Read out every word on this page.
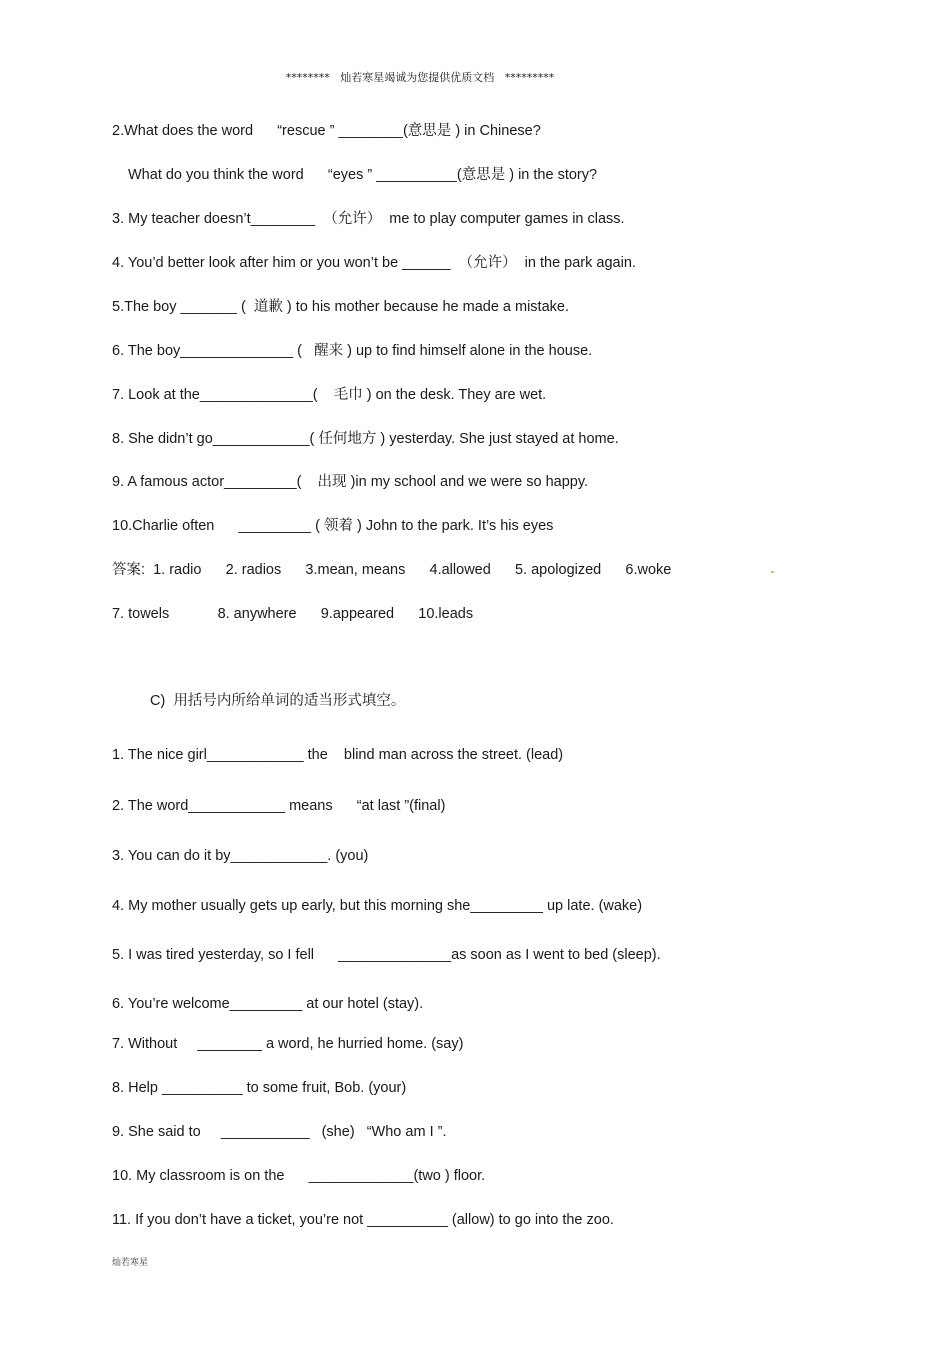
********   灿若寒星竭诚为您提供优质文档   *********
2.What does the word      “rescue ” ________(意思是 ) in Chinese?
What do you think the word      “eyes ” __________(意思是 ) in the story?
3. My teacher doesn’t________  （允许）  me to play computer games in class.
4. You’d better look after him or you won’t be ______  （允许）  in the park again.
5.The boy _______ (  道歉 ) to his mother because he made a mistake.
6. The boy______________ (   醒来 ) up to find himself alone in the house.
7. Look at the______________(    毛巾 ) on the desk. They are wet.
8. She didn’t go____________( 任何地方 ) yesterday. She just stayed at home.
9. A famous actor_________(    出现 )in my school and we were so happy.
10.Charlie often      _________ ( 领着 ) John to the park. It’s his eyes
答案: 1. radio      2. radios      3.mean, means      4.allowed      5. apologized      6.woke
7. towels            8. anywhere      9.appeared      10.leads
C)  用括号内所给单词的适当形式填空。
1. The nice girl____________ the    blind man across the street. (lead)
2. The word____________ means      “at last ”(final)
3. You can do it by____________. (you)
4. My mother usually gets up early, but this morning she_________ up late. (wake)
5. I was tired yesterday, so I fell      ______________as soon as I went to bed (sleep).
6. You’re welcome_________ at our hotel (stay).
7. Without     ________ a word, he hurried home. (say)
8. Help __________ to some fruit, Bob. (your)
9. She said to     ___________   (she)   “Who am I ”.
10. My classroom is on the      _____________(two ) floor.
11. If you don’t have a ticket, you’re not __________ (allow) to go into the zoo.
灿若寒星
